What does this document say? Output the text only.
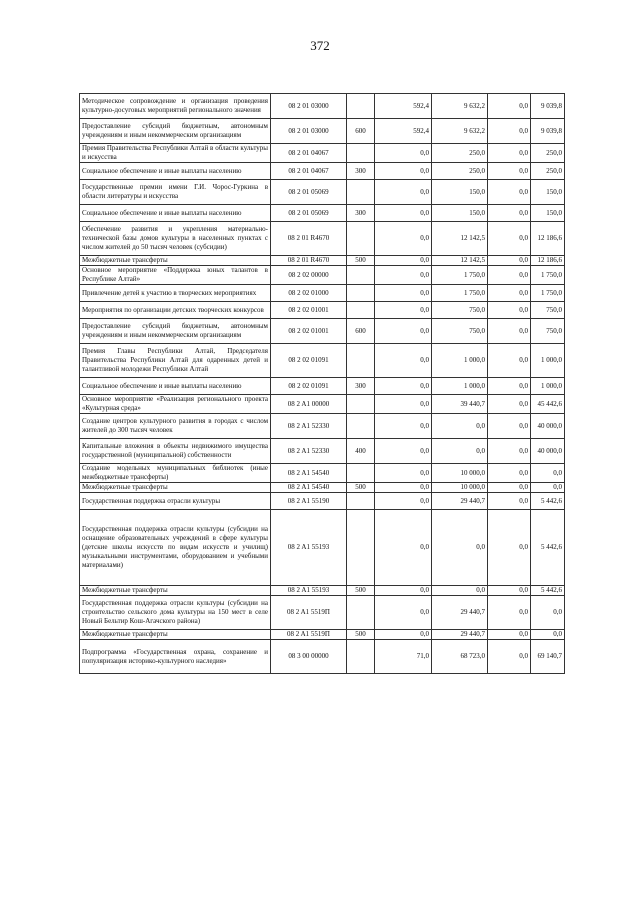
372
Методическое сопровождение и организация проведения культурно-досуговых мероприятий регионального значения	08 2 01 03000		592,4	9 632,2	0,0	9 039,8
Предоставление субсидий бюджетным, автономным учреждениям и иным некоммерческим организациям	08 2 01 03000	600	592,4	9 632,2	0,0	9 039,8
Премия Правительства Республики Алтай в области культуры и искусства	08 2 01 04067		0,0	250,0	0,0	250,0
Социальное обеспечение и иные выплаты населению	08 2 01 04067	300	0,0	250,0	0,0	250,0
Государственные премии имени Г.И. Чорос-Гуркина в области литературы и искусства	08 2 01 05069		0,0	150,0	0,0	150,0
Социальное обеспечение и иные выплаты населению	08 2 01 05069	300	0,0	150,0	0,0	150,0
Обеспечение развития и укрепления материально-технической базы домов культуры в населенных пунктах с числом жителей до 50 тысяч человек (субсидии)	08 2 01 R4670		0,0	12 142,5	0,0	12 186,6
Межбюджетные трансферты	08 2 01 R4670	500	0,0	12 142,5	0,0	12 186,6
Основное мероприятие «Поддержка юных талантов в Республике Алтай»	08 2 02 00000		0,0	1 750,0	0,0	1 750,0
Привлечение детей к участию в творческих мероприятиях	08 2 02 01000		0,0	1 750,0	0,0	1 750,0
Мероприятия по организации детских творческих конкурсов	08 2 02 01001		0,0	750,0	0,0	750,0
Предоставление субсидий бюджетным, автономным учреждениям и иным некоммерческим организациям	08 2 02 01001	600	0,0	750,0	0,0	750,0
Премия Главы Республики Алтай, Председателя Правительства Республики Алтай для одаренных детей и талантливой молодежи Республики Алтай	08 2 02 01091		0,0	1 000,0	0,0	1 000,0
Социальное обеспечение и иные выплаты населению	08 2 02 01091	300	0,0	1 000,0	0,0	1 000,0
Основное мероприятие «Реализация регионального проекта «Культурная среда»	08 2 A1 00000		0,0	39 440,7	0,0	45 442,6
Создание центров культурного развития в городах с числом жителей до 300 тысяч человек	08 2 A1 52330		0,0	0,0	0,0	40 000,0
Капитальные вложения в объекты недвижимого имущества государственной (муниципальной) собственности	08 2 A1 52330	400	0,0	0,0	0,0	40 000,0
Создание модельных муниципальных библиотек (иные межбюджетные трансферты)	08 2 A1 54540		0,0	10 000,0	0,0	0,0
Межбюджетные трансферты	08 2 A1 54540	500	0,0	10 000,0	0,0	0,0
Государственная поддержка отрасли культуры	08 2 A1 55190		0,0	29 440,7	0,0	5 442,6
Государственная поддержка отрасли культуры (субсидии на оснащение образовательных учреждений в сфере культуры (детские школы искусств по видам искусств и училищ) музыкальными инструментами, оборудованием и учебными материалами)	08 2 A1 55193		0,0	0,0	0,0	5 442,6
Межбюджетные трансферты	08 2 A1 55193	500	0,0	0,0	0,0	5 442,6
Государственная поддержка отрасли культуры (субсидии на строительство сельского дома культуры на 150 мест в селе Новый Бельтир Кош-Агачского района)	08 2 A1 5519П		0,0	29 440,7	0,0	0,0
Межбюджетные трансферты	08 2 A1 5519П	500	0,0	29 440,7	0,0	0,0
Подпрограмма «Государственная охрана, сохранение и популяризация историко-культурного наследия»	08 3 00 00000		71,0	68 723,0	0,0	69 140,7
